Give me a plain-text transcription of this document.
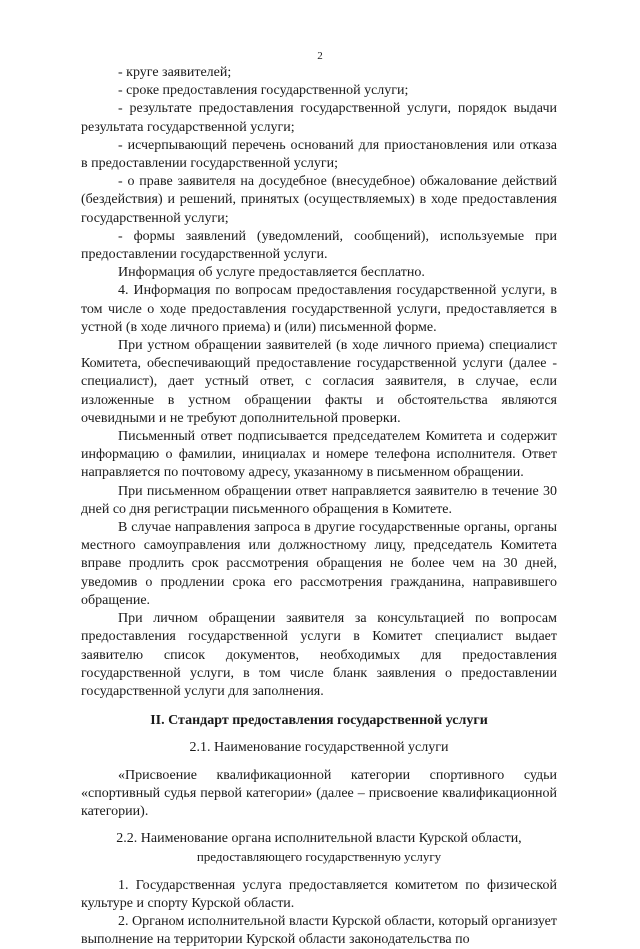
2

- круге заявителей;

- сроке предоставления государственной услуги;

- результате предоставления государственной услуги, порядок выдачи результата государственной услуги;

- исчерпывающий перечень оснований для приостановления или отказа в предоставлении государственной услуги;

- о праве заявителя на досудебное (внесудебное) обжалование действий (бездействия) и решений, принятых (осуществляемых) в ходе предоставления государственной услуги;

- формы заявлений (уведомлений, сообщений), используемые при предоставлении государственной услуги.

Информация об услуге предоставляется бесплатно.

4. Информация по вопросам предоставления государственной услуги, в том числе о ходе предоставления государственной услуги, предоставляется в устной (в ходе личного приема) и (или) письменной форме.

При устном обращении заявителей (в ходе личного приема) специалист Комитета, обеспечивающий предоставление государственной услуги (далее - специалист), дает устный ответ, с согласия заявителя, в случае, если изложенные в устном обращении факты и обстоятельства являются очевидными и не требуют дополнительной проверки.

Письменный ответ подписывается председателем Комитета и содержит информацию о фамилии, инициалах и номере телефона исполнителя. Ответ направляется по почтовому адресу, указанному в письменном обращении.

При письменном обращении ответ направляется заявителю в течение 30 дней со дня регистрации письменного обращения в Комитете.

В случае направления запроса в другие государственные органы, органы местного самоуправления или должностному лицу, председатель Комитета вправе продлить срок рассмотрения обращения не более чем на 30 дней, уведомив о продлении срока его рассмотрения гражданина, направившего обращение.

При личном обращении заявителя за консультацией по вопросам предоставления государственной услуги в Комитет специалист выдает заявителю список документов, необходимых для предоставления государственной услуги, в том числе бланк заявления о предоставлении государственной услуги для заполнения.

II. Стандарт предоставления государственной услуги

2.1. Наименование государственной услуги

«Присвоение квалификационной категории спортивного судьи «спортивный судья первой категории» (далее – присвоение квалификационной категории).

2.2. Наименование органа исполнительной власти Курской области,

предоставляющего государственную услугу

1. Государственная услуга предоставляется комитетом по физической культуре и спорту Курской области.

2. Органом исполнительной власти Курской области, который организует выполнение на территории Курской области законодательства по
